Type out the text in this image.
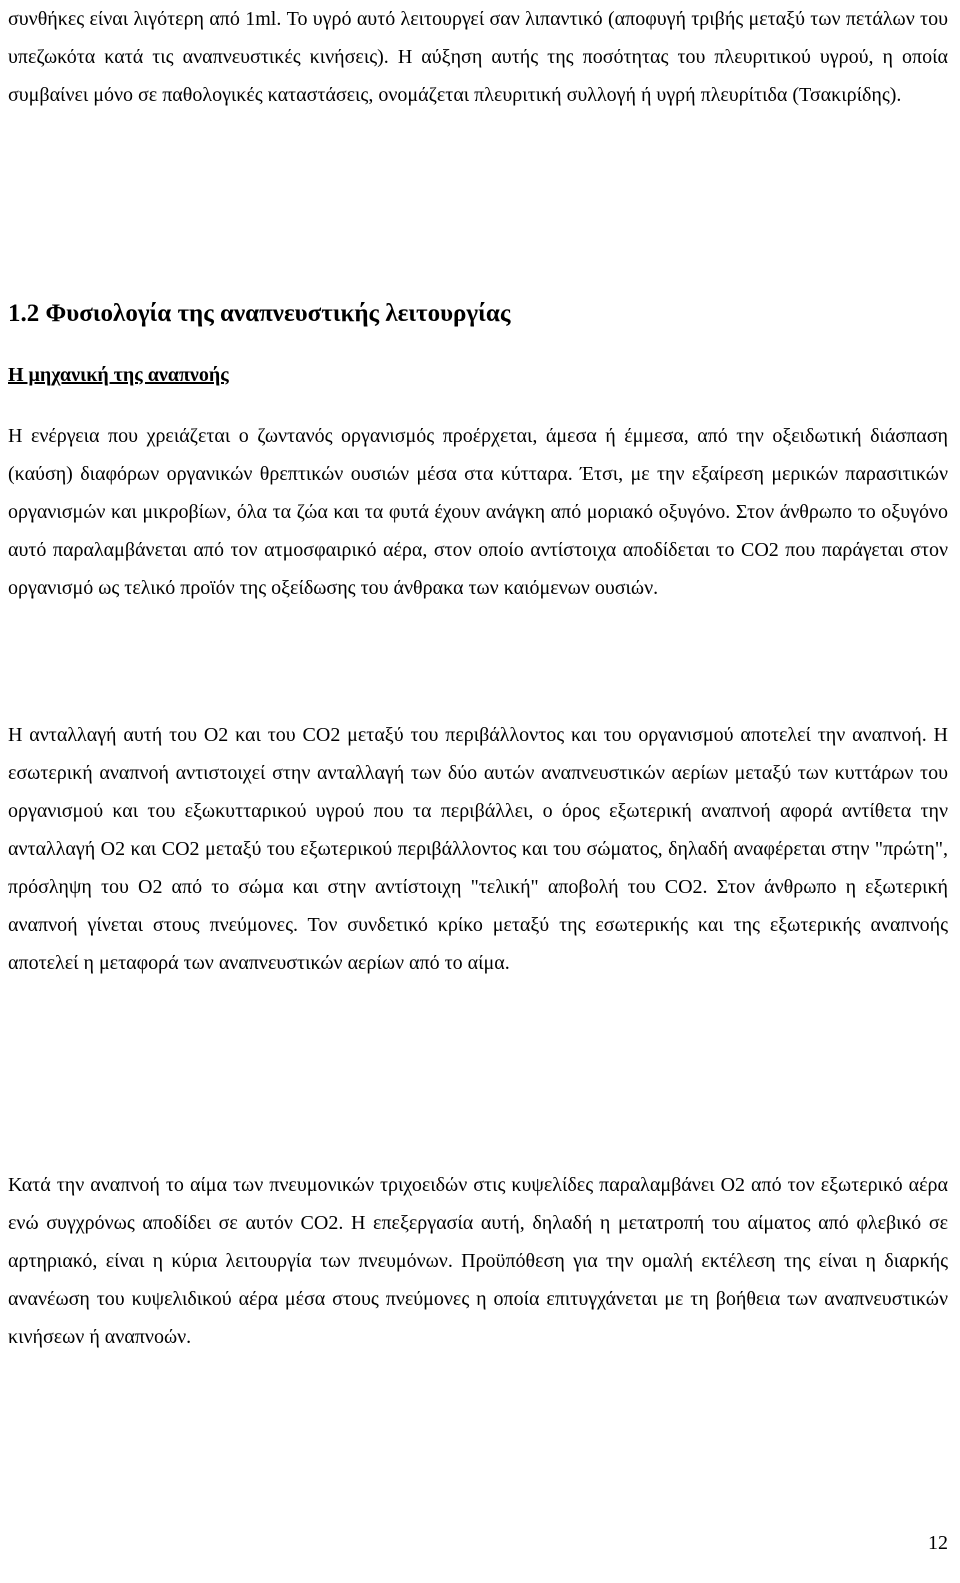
συνθήκες είναι λιγότερη από 1ml. Το υγρό αυτό λειτουργεί σαν λιπαντικό (αποφυγή τριβής μεταξύ των πετάλων του υπεζωκότα κατά τις αναπνευστικές κινήσεις). Η αύξηση αυτής της ποσότητας του πλευριτικού υγρού, η οποία συμβαίνει μόνο σε παθολογικές καταστάσεις, ονομάζεται πλευριτική συλλογή ή υγρή πλευρίτιδα (Τσακιρίδης).

1.2 Φυσιολογία της αναπνευστικής λειτουργίας
Η μηχανική της αναπνοής

Η ενέργεια που χρειάζεται ο ζωντανός οργανισμός προέρχεται, άμεσα ή έμμεσα, από την οξειδωτική διάσπαση (καύση) διαφόρων οργανικών θρεπτικών ουσιών μέσα στα κύτταρα. Έτσι, με την εξαίρεση μερικών παρασιτικών οργανισμών και μικροβίων, όλα τα ζώα και τα φυτά έχουν ανάγκη από μοριακό οξυγόνο. Στον άνθρωπο το οξυγόνο αυτό παραλαμβάνεται από τον ατμοσφαιρικό αέρα, στον οποίο αντίστοιχα αποδίδεται το CO2 που παράγεται στον οργανισμό ως τελικό προϊόν της οξείδωσης του άνθρακα των καιόμενων ουσιών.

Η ανταλλαγή αυτή του O2 και του CO2 μεταξύ του περιβάλλοντος και του οργανισμού αποτελεί την αναπνοή. Η εσωτερική αναπνοή αντιστοιχεί στην ανταλλαγή των δύο αυτών αναπνευστικών αερίων μεταξύ των κυττάρων του οργανισμού και του εξωκυτταρικού υγρού που τα περιβάλλει, ο όρος εξωτερική αναπνοή αφορά αντίθετα την ανταλλαγή O2 και CO2 μεταξύ του εξωτερικού περιβάλλοντος και του σώματος, δηλαδή αναφέρεται στην "πρώτη", πρόσληψη του O2 από το σώμα και στην αντίστοιχη "τελική" αποβολή του CO2. Στον άνθρωπο η εξωτερική αναπνοή γίνεται στους πνεύμονες. Τον συνδετικό κρίκο μεταξύ της εσωτερικής και της εξωτερικής αναπνοής αποτελεί η μεταφορά των αναπνευστικών αερίων από το αίμα.

Κατά την αναπνοή το αίμα των πνευμονικών τριχοειδών στις κυψελίδες παραλαμβάνει O2 από τον εξωτερικό αέρα ενώ συγχρόνως αποδίδει σε αυτόν CO2. Η επεξεργασία αυτή, δηλαδή η μετατροπή του αίματος από φλεβικό σε αρτηριακό, είναι η κύρια λειτουργία των πνευμόνων. Προϋπόθεση για την ομαλή εκτέλεση της είναι η διαρκής ανανέωση του κυψελιδικού αέρα μέσα στους πνεύμονες η οποία επιτυγχάνεται με τη βοήθεια των αναπνευστικών κινήσεων ή αναπνοών.

12
